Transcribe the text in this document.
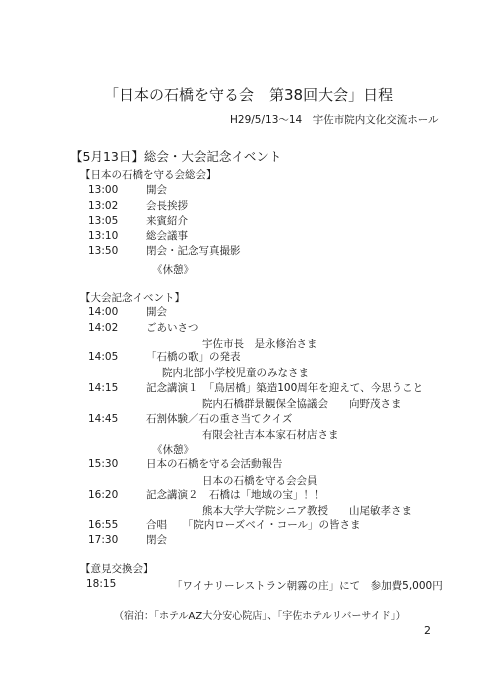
「日本の石橋を守る会　第38回大会」日程
H29/5/13〜14　宇佐市院内文化交流ホール
【5月13日】総会・大会記念イベント
【日本の石橋を守る会総会】
13:00	開会
13:02	会長挨拶
13:05	来賓紹介
13:10	総会議事
13:50	閉会・記念写真撮影
《休憩》
【大会記念イベント】
14:00	開会
14:02	ごあいさつ
宇佐市長　是永修治さま
14:05	「石橋の歌」の発表
院内北部小学校児童のみなさま
14:15	記念講演１　「鳥居橋」築造100周年を迎えて、今思うこと
院内石橋群景観保全協議会　　向野茂さま
14:45	石割体験／石の重さ当てクイズ
有限会社吉本本家石材店さま
《休憩》
15:30	日本の石橋を守る会活動報告
日本の石橋を守る会会員
16:20	記念講演２　石橋は「地域の宝」！！
熊本大学大学院シニア教授　　山尾敏孝さま
16:55	合唱　　「院内ローズベイ・コール」の皆さま
17:30	閉会
【意見交換会】
18:15	「ワイナリーレストラン朝霧の庄」にて　参加費5,000円
（宿泊：「ホテルAZ大分安心院店」、「宇佐ホテルリバーサイド」）
2
